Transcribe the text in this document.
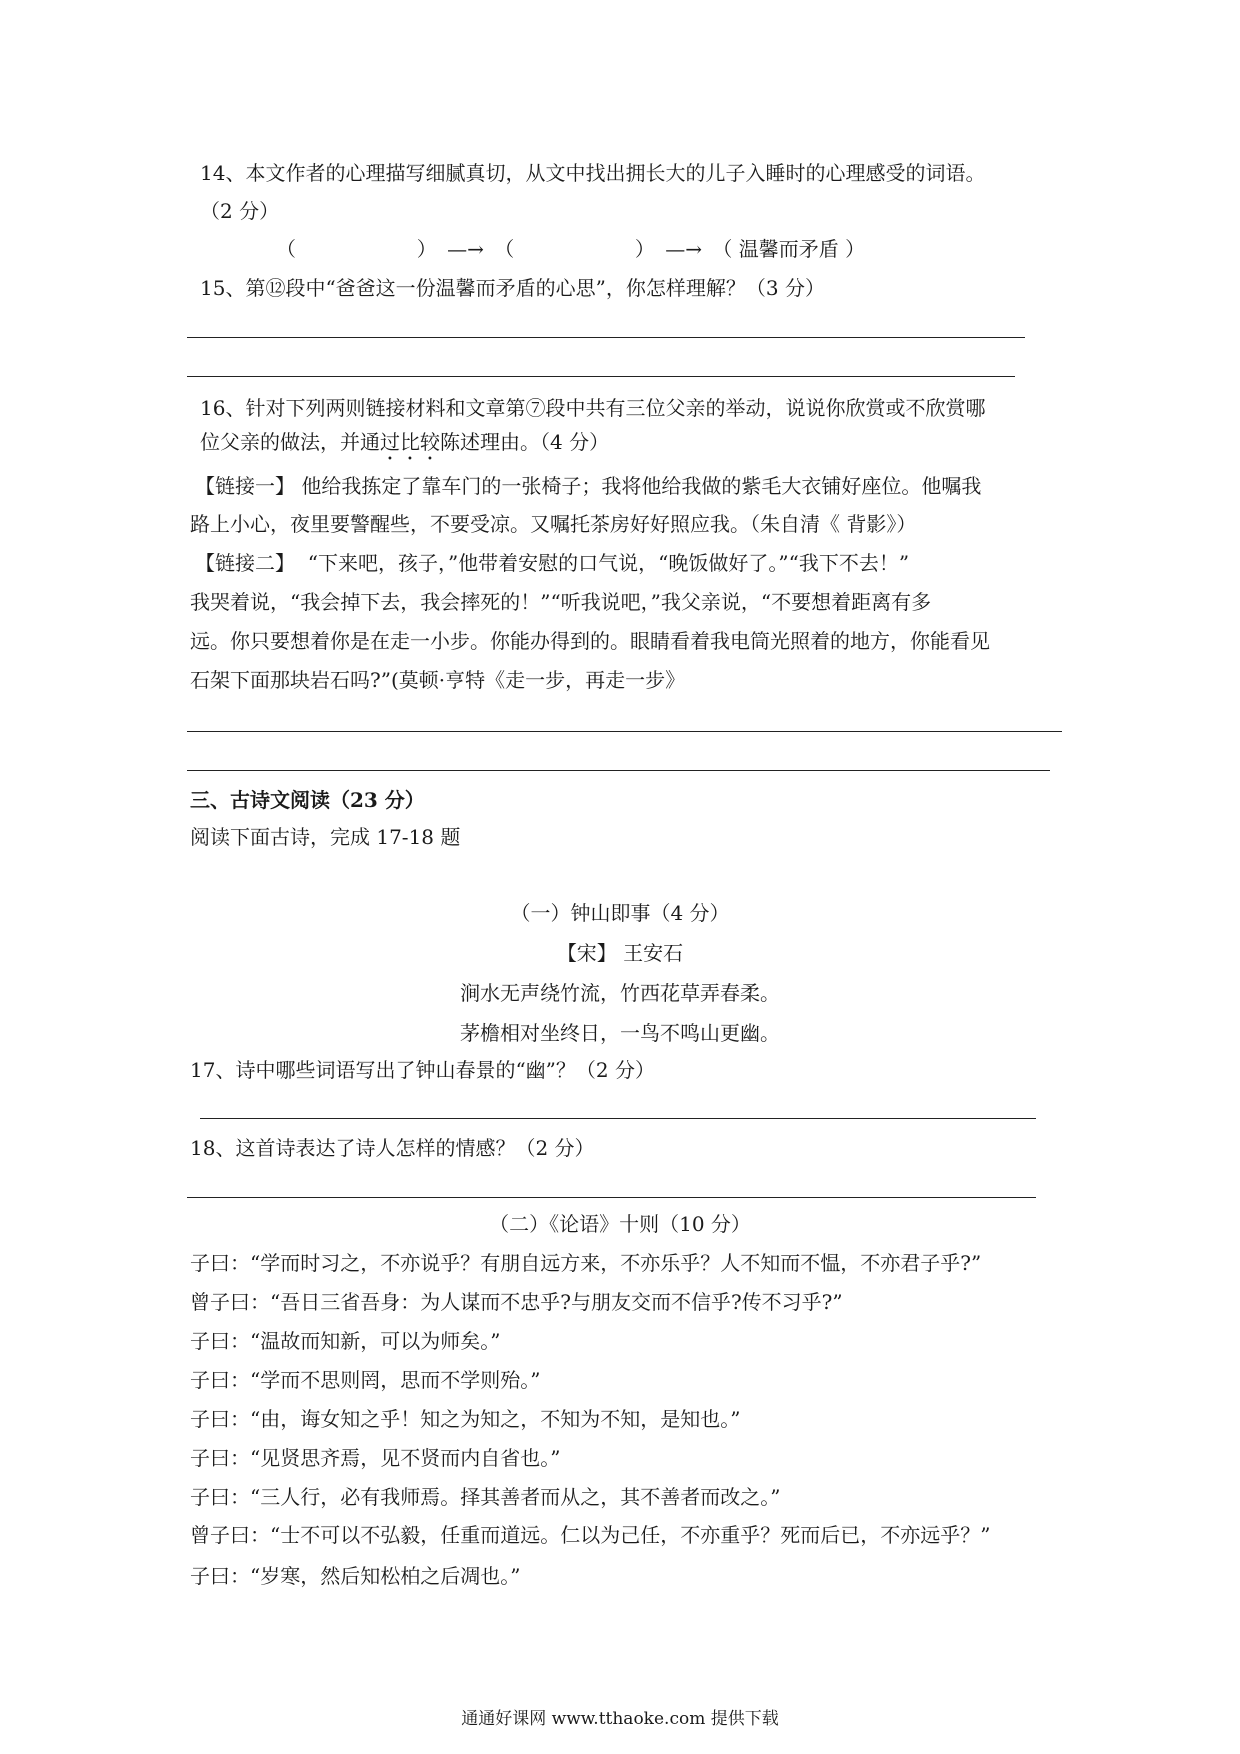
14、本文作者的心理描写细腻真切，从文中找出拥长大的儿子入睡时的心理感受的词语。
（2 分）
（	） —→ （	） —→ （ 温馨而矛盾 ）
15、第⑫段中“爸爸这一份温馨而矛盾的心思”，你怎样理解？（3 分）
16、针对下列两则链接材料和文章第⑦段中共有三位父亲的举动，说说你欣赏或不欣赏哪
位父亲的做法，并通过比较陈述理由。（4 分）
【链接一】 他给我拣定了靠车门的一张椅子；我将他给我做的紫毛大衣铺好座位。他嘱我
路上小心，夜里要警醒些，不要受凉。又嘱托茶房好好照应我。（朱自清《 背影》）
【链接二】 “下来吧，孩子，”他带着安慰的口气说，“晚饭做好了。”“我下不去！”
我哭着说，“我会掉下去，我会摔死的！”“听我说吧，”我父亲说，“不要想着距离有多
远。你只要想着你是在走一小步。你能办得到的。眼睛看着我电筒光照着的地方，你能看见
石架下面那块岩石吗?”(莫顿·亨特《走一步，再走一步》
三、古诗文阅读（23 分）
阅读下面古诗，完成 17-18 题
（一）钟山即事（4 分）
【宋】 王安石
涧水无声绕竹流，竹西花草弄春柔。
茅檐相对坐终日，一鸟不鸣山更幽。
17、诗中哪些词语写出了钟山春景的“幽”？（2 分）
18、这首诗表达了诗人怎样的情感？（2 分）
（二）《论语》十则（10 分）
子曰：“学而时习之，不亦说乎？有朋自远方来，不亦乐乎？人不知而不愠，不亦君子乎?”
曾子曰：“吾日三省吾身：为人谋而不忠乎?与朋友交而不信乎?传不习乎?”
子曰：“温故而知新，可以为师矣。”
子曰：“学而不思则罔，思而不学则殆。”
子曰：“由，诲女知之乎！知之为知之，不知为不知，是知也。”
子曰：“见贤思齐焉，见不贤而内自省也。”
子曰：“三人行，必有我师焉。择其善者而从之，其不善者而改之。”
曾子曰：“士不可以不弘毅，任重而道远。仁以为己任，不亦重乎？死而后已，不亦远乎？”
子曰：“岁寒，然后知松柏之后凋也。”
通通好课网 www.tthaoke.com 提供下载
